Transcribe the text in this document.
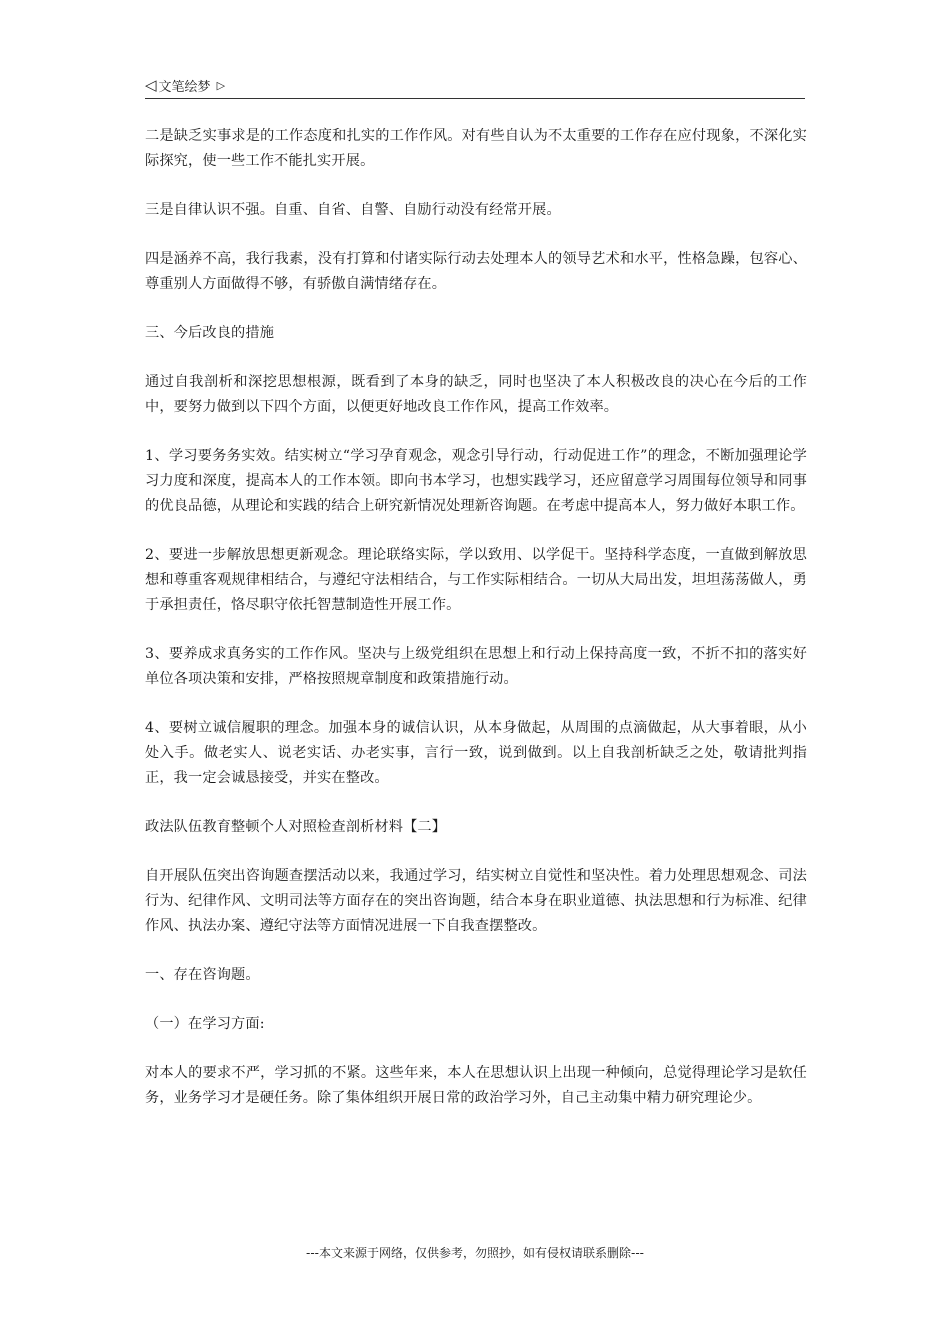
◁ 文笔绘梦 ▷

二是缺乏实事求是的工作态度和扎实的工作作风。对有些自认为不太重要的工作存在应付现象，不深化实际探究，使一些工作不能扎实开展。

三是自律认识不强。自重、自省、自警、自励行动没有经常开展。

四是涵养不高，我行我素，没有打算和付诸实际行动去处理本人的领导艺术和水平，性格急躁，包容心、尊重别人方面做得不够，有骄傲自满情绪存在。

三、今后改良的措施

通过自我剖析和深挖思想根源，既看到了本身的缺乏，同时也坚决了本人积极改良的决心在今后的工作中，要努力做到以下四个方面，以便更好地改良工作作风，提高工作效率。

1、学习要务务实效。结实树立“学习孕育观念，观念引导行动，行动促进工作”的理念，不断加强理论学习力度和深度，提高本人的工作本领。即向书本学习，也想实践学习，还应留意学习周围每位领导和同事的优良品德，从理论和实践的结合上研究新情况处理新咨询题。在考虑中提高本人，努力做好本职工作。

2、要进一步解放思想更新观念。理论联络实际，学以致用、以学促干。坚持科学态度，一直做到解放思想和尊重客观规律相结合，与遵纪守法相结合，与工作实际相结合。一切从大局出发，坦坦荡荡做人，勇于承担责任，恪尽职守依托智慧制造性开展工作。

3、要养成求真务实的工作作风。坚决与上级党组织在思想上和行动上保持高度一致，不折不扣的落实好单位各项决策和安排，严格按照规章制度和政策措施行动。

4、要树立诚信履职的理念。加强本身的诚信认识，从本身做起，从周围的点滴做起，从大事着眼，从小处入手。做老实人、说老实话、办老实事，言行一致，说到做到。以上自我剖析缺乏之处，敬请批判指正，我一定会诚恳接受，并实在整改。

政法队伍教育整顿个人对照检查剖析材料【二】

自开展队伍突出咨询题查摆活动以来，我通过学习，结实树立自觉性和坚决性。着力处理思想观念、司法行为、纪律作风、文明司法等方面存在的突出咨询题，结合本身在职业道德、执法思想和行为标准、纪律作风、执法办案、遵纪守法等方面情况进展一下自我查摆整改。

一、存在咨询题。

（一）在学习方面:

对本人的要求不严，学习抓的不紧。这些年来，本人在思想认识上出现一种倾向，总觉得理论学习是软任务，业务学习才是硬任务。除了集体组织开展日常的政治学习外，自己主动集中精力研究理论少。

---本文来源于网络，仅供参考，勿照抄，如有侵权请联系删除---
